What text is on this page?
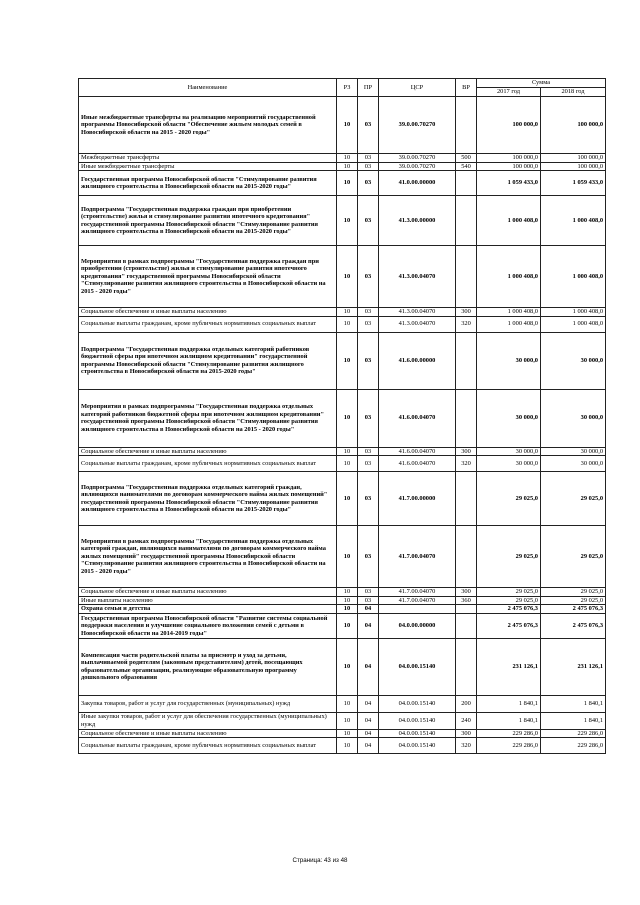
Наименование	РЗ	ПР	ЦСР	ВР	Сумма	
					2017 год	2018 год
Иные межбюджетные трансферты на реализацию мероприятий государственной программы Новосибирской области "Обеспечение жильем молодых семей в Новосибирской области на 2015 - 2020 годы"	10	03	39.0.00.70270		100 000,0	100 000,0
Межбюджетные трансферты	10	03	39.0.00.70270	500	100 000,0	100 000,0
Иные межбюджетные трансферты	10	03	39.0.00.70270	540	100 000,0	100 000,0
Государственная программа Новосибирской области "Стимулирование развития жилищного строительства в Новосибирской области на 2015-2020 годы"	10	03	41.0.00.00000		1 059 433,0	1 059 433,0
Подпрограмма "Государственная поддержка граждан при приобретении (строительстве) жилья и стимулирование развития ипотечного кредитования" государственной программы Новосибирской области "Стимулирование развития жилищного строительства в Новосибирской области на 2015-2020 годы"	10	03	41.3.00.00000		1 000 408,0	1 000 408,0
Мероприятия в рамках подпрограммы "Государственная поддержка граждан при приобретении (строительстве) жилья и стимулирование развития ипотечного кредитования" государственной программы Новосибирской области "Стимулирование развития жилищного строительства в Новосибирской области на 2015 - 2020 годы"	10	03	41.3.00.04070		1 000 408,0	1 000 408,0
Социальное обеспечение и иные выплаты населению	10	03	41.3.00.04070	300	1 000 408,0	1 000 408,0
Социальные выплаты гражданам, кроме публичных нормативных социальных выплат	10	03	41.3.00.04070	320	1 000 408,0	1 000 408,0
Подпрограмма "Государственная поддержка отдельных категорий работников бюджетной сферы при ипотечном жилищном кредитовании" государственной программы Новосибирской области "Стимулирование развития жилищного строительства в Новосибирской области на 2015-2020 годы"	10	03	41.6.00.00000		30 000,0	30 000,0
Мероприятия в рамках подпрограммы "Государственная поддержка отдельных категорий работников бюджетной сферы при ипотечном жилищном кредитовании" государственной программы Новосибирской области "Стимулирование развития жилищного строительства в Новосибирской области на 2015 - 2020 годы"	10	03	41.6.00.04070		30 000,0	30 000,0
Социальное обеспечение и иные выплаты населению	10	03	41.6.00.04070	300	30 000,0	30 000,0
Социальные выплаты гражданам, кроме публичных нормативных социальных выплат	10	03	41.6.00.04070	320	30 000,0	30 000,0
Подпрограмма "Государственная поддержка отдельных категорий граждан, являющихся нанимателями по договорам коммерческого найма жилых помещений" государственной программы Новосибирской области "Стимулирование развития жилищного строительства в Новосибирской области на 2015-2020 годы"	10	03	41.7.00.00000		29 025,0	29 025,0
Мероприятия в рамках подпрограммы "Государственная поддержка отдельных категорий граждан, являющихся нанимателями по договорам коммерческого найма жилых помещений" государственной программы Новосибирской области "Стимулирование развития жилищного строительства в Новосибирской области на 2015 - 2020 годы"	10	03	41.7.00.04070		29 025,0	29 025,0
Социальное обеспечение и иные выплаты населению	10	03	41.7.00.04070	300	29 025,0	29 025,0
Иные выплаты населению	10	03	41.7.00.04070	360	29 025,0	29 025,0
Охрана семьи и детства	10	04			2 475 076,3	2 475 076,3
Государственная программа Новосибирской области "Развитие системы социальной поддержки населения и улучшение социального положения семей с детьми в Новосибирской области на 2014-2019 годы"	10	04	04.0.00.00000		2 475 076,3	2 475 076,3
Компенсация части родительской платы за присмотр и уход за детьми, выплачиваемой родителям (законным представителям) детей, посещающих образовательные организации, реализующие образовательную программу дошкольного образования	10	04	04.0.00.15140		231 126,1	231 126,1
Закупка товаров, работ и услуг для государственных (муниципальных) нужд	10	04	04.0.00.15140	200	1 840,1	1 840,1
Иные закупки товаров, работ и услуг для обеспечения государственных (муниципальных) нужд	10	04	04.0.00.15140	240	1 840,1	1 840,1
Социальное обеспечение и иные выплаты населению	10	04	04.0.00.15140	300	229 286,0	229 286,0
Социальные выплаты гражданам, кроме публичных нормативных социальных выплат	10	04	04.0.00.15140	320	229 286,0	229 286,0
Страница: 43 из 48
